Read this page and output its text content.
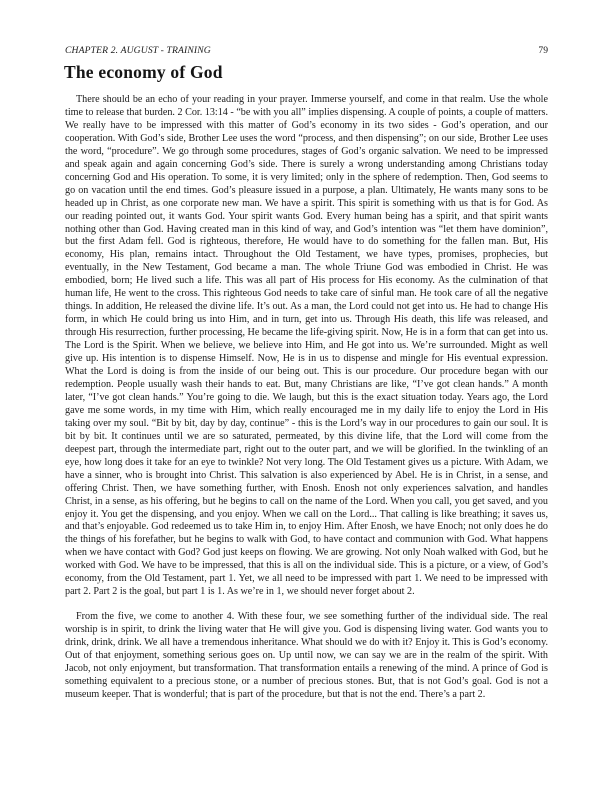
CHAPTER 2. AUGUST - TRAINING	79
The economy of God

There should be an echo of your reading in your prayer. Immerse yourself, and come in that realm. Use the whole time to release that burden. 2 Cor. 13:14 - “be with you all” implies dispensing. A couple of points, a couple of matters. We really have to be impressed with this matter of God’s economy in its two sides - God’s operation, and our cooperation. With God’s side, Brother Lee uses the word “process, and then dispensing”; on our side, Brother Lee uses the word, “procedure”. We go through some procedures, stages of God’s organic salvation. We need to be impressed and speak again and again concerning God’s side. There is surely a wrong understanding among Christians today concerning God and His operation. To some, it is very limited; only in the sphere of redemption. Then, God seems to go on vacation until the end times. God’s pleasure issued in a purpose, a plan. Ultimately, He wants many sons to be headed up in Christ, as one corporate new man. We have a spirit. This spirit is something with us that is for God. As our reading pointed out, it wants God. Your spirit wants God. Every human being has a spirit, and that spirit wants nothing other than God. Having created man in this kind of way, and God’s intention was “let them have dominion”, but the first Adam fell. God is righteous, therefore, He would have to do something for the fallen man. But, His economy, His plan, remains intact. Throughout the Old Testament, we have types, promises, prophecies, but eventually, in the New Testament, God became a man. The whole Triune God was embodied in Christ. He was embodied, born; He lived such a life. This was all part of His process for His economy. As the culmination of that human life, He went to the cross. This righteous God needs to take care of sinful man. He took care of all the negative things. In addition, He released the divine life. It’s out. As a man, the Lord could not get into us. He had to change His form, in which He could bring us into Him, and in turn, get into us. Through His death, this life was released, and through His resurrection, further processing, He became the life-giving spirit. Now, He is in a form that can get into us. The Lord is the Spirit. When we believe, we believe into Him, and He got into us. We’re surrounded. Might as well give up. His intention is to dispense Himself. Now, He is in us to dispense and mingle for His eventual expression. What the Lord is doing is from the inside of our being out. This is our procedure. Our procedure began with our redemption. People usually wash their hands to eat. But, many Christians are like, “I’ve got clean hands.” A month later, “I’ve got clean hands.” You’re going to die. We laugh, but this is the exact situation today. Years ago, the Lord gave me some words, in my time with Him, which really encouraged me in my daily life to enjoy the Lord in His taking over my soul. “Bit by bit, day by day, continue” - this is the Lord’s way in our procedures to gain our soul. It is bit by bit. It continues until we are so saturated, permeated, by this divine life, that the Lord will come from the deepest part, through the intermediate part, right out to the outer part, and we will be glorified. In the twinkling of an eye, how long does it take for an eye to twinkle? Not very long. The Old Testament gives us a picture. With Adam, we have a sinner, who is brought into Christ. This salvation is also experienced by Abel. He is in Christ, in a sense, and offering Christ. Then, we have something further, with Enosh. Enosh not only experiences salvation, and handles Christ, in a sense, as his offering, but he begins to call on the name of the Lord. When you call, you get saved, and you enjoy it. You get the dispensing, and you enjoy. When we call on the Lord... That calling is like breathing; it saves us, and that’s enjoyable. God redeemed us to take Him in, to enjoy Him. After Enosh, we have Enoch; not only does he do the things of his forefather, but he begins to walk with God, to have contact and communion with God. What happens when we have contact with God? God just keeps on flowing. We are growing. Not only Noah walked with God, but he worked with God. We have to be impressed, that this is all on the individual side. This is a picture, or a view, of God’s economy, from the Old Testament, part 1. Yet, we all need to be impressed with part 1. We need to be impressed with part 2. Part 2 is the goal, but part 1 is 1. As we’re in 1, we should never forget about 2.

From the five, we come to another 4. With these four, we see something further of the individual side. The real worship is in spirit, to drink the living water that He will give you. God is dispensing living water. God wants you to drink, drink, drink. We all have a tremendous inheritance. What should we do with it? Enjoy it. This is God’s economy. Out of that enjoyment, something serious goes on. Up until now, we can say we are in the realm of the spirit. With Jacob, not only enjoyment, but transformation. That transformation entails a renewing of the mind. A prince of God is something equivalent to a precious stone, or a number of precious stones. But, that is not God’s goal. God is not a museum keeper. That is wonderful; that is part of the procedure, but that is not the end. There’s a part 2.
